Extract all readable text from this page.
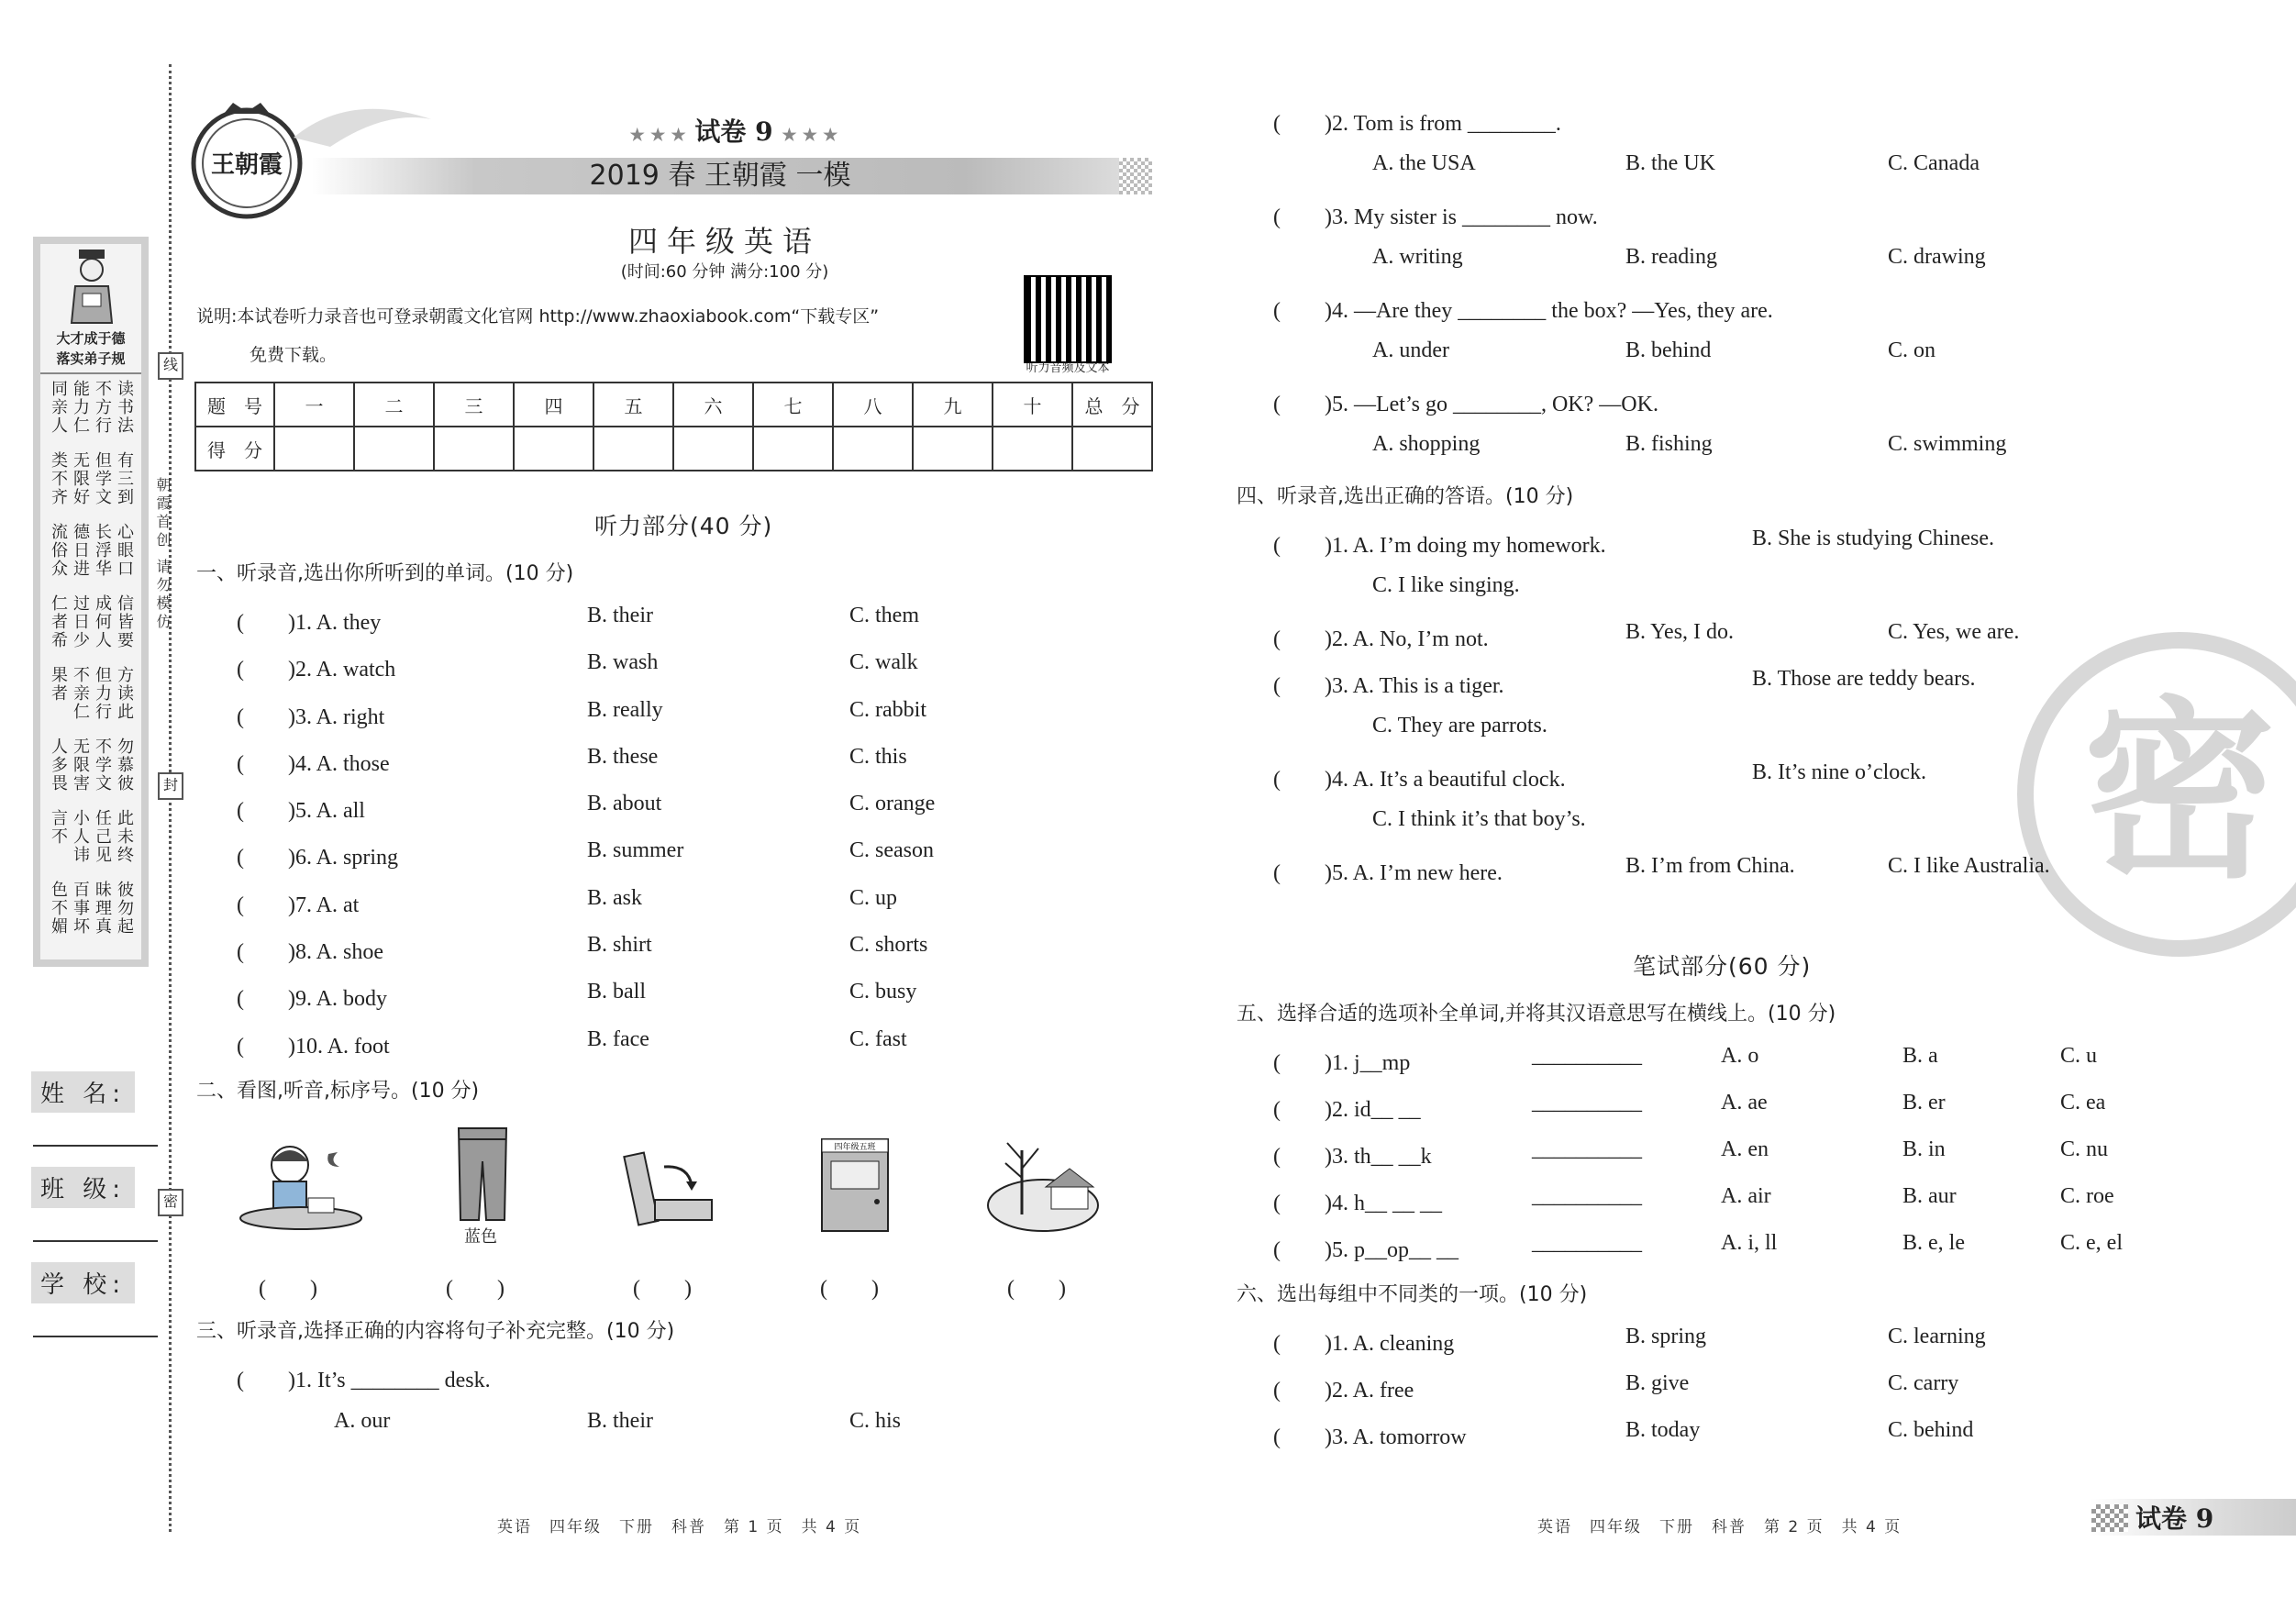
大才成于德
落实弟子规
读书法
不方行
能力仁
同亲人
有三到
但学文
无限好
类不齐
心眼口
长浮华
德日进
流俗众
信皆要
成何人
过日少
仁者希
方读此
但力行
不亲仁
果者
勿慕彼
不学文
无限害
人多畏
此未终
任己见
小人讳
言不
彼勿起
昧理真
百事坏
色不媚
线
封
密
朝霞首创 请勿模仿
姓 名:
班 级:
学 校:
王朝霞
★ ★ ★ 试卷 9 ★ ★ ★
2019 春 王朝霞 一模
四年级英语
(时间:60 分钟 满分:100 分)
说明:本试卷听力录音也可登录朝霞文化官网 http://www.zhaoxiabook.com“下载专区”
免费下载。
听力音频及文本
题　号	一	二	三	四	五	六	七	八	九	十	总　分
得　分											
听力部分(40 分)
一、听录音,选出你所听到的单词。(10 分)
(　　)1. A. they	B. their	C. them
(　　)2. A. watch	B. wash	C. walk
(　　)3. A. right	B. really	C. rabbit
(　　)4. A. those	B. these	C. this
(　　)5. A. all	B. about	C. orange
(　　)6. A. spring	B. summer	C. season
(　　)7. A. at	B. ask	C. up
(　　)8. A. shoe	B. shirt	C. shorts
(　　)9. A. body	B. ball	C. busy
(　　)10. A. foot	B. face	C. fast
二、看图,听音,标序号。(10 分)
蓝色
四年级五班
(　　)	(　　)	(　　)	(　　)	(　　)
三、听录音,选择正确的内容将句子补充完整。(10 分)
(　　)1. It’s ________ desk.
A. our	B. their	C. his
英语　四年级　下册　科普　第 1 页　共 4 页
密
(　　)2. Tom is from ________.
A. the USA	B. the UK	C. Canada
(　　)3. My sister is ________ now.
A. writing	B. reading	C. drawing
(　　)4. —Are they ________ the box? —Yes, they are.
A. under	B. behind	C. on
(　　)5. —Let’s go ________, OK? —OK.
A. shopping	B. fishing	C. swimming
四、听录音,选出正确的答语。(10 分)
(　　)1. A. I’m doing my homework.	B. She is studying Chinese.
C. I like singing.
(　　)2. A. No, I’m not.	B. Yes, I do.	C. Yes, we are.
(　　)3. A. This is a tiger.	B. Those are teddy bears.
C. They are parrots.
(　　)4. A. It’s a beautiful clock.	B. It’s nine o’clock.
C. I think it’s that boy’s.
(　　)5. A. I’m new here.	B. I’m from China.	C. I like Australia.
笔试部分(60 分)
五、选择合适的选项补全单词,并将其汉语意思写在横线上。(10 分)
(　　)1. j__mp	__________	A. o	B. a	C. u
(　　)2. id__ __	__________	A. ae	B. er	C. ea
(　　)3. th__ __k	__________	A. en	B. in	C. nu
(　　)4. h__ __ __	__________	A. air	B. aur	C. roe
(　　)5. p__op__ __	__________	A. i, ll	B. e, le	C. e, el
六、选出每组中不同类的一项。(10 分)
(　　)1. A. cleaning	B. spring	C. learning
(　　)2. A. free	B. give	C. carry
(　　)3. A. tomorrow	B. today	C. behind
英语　四年级　下册　科普　第 2 页　共 4 页	试卷 9
